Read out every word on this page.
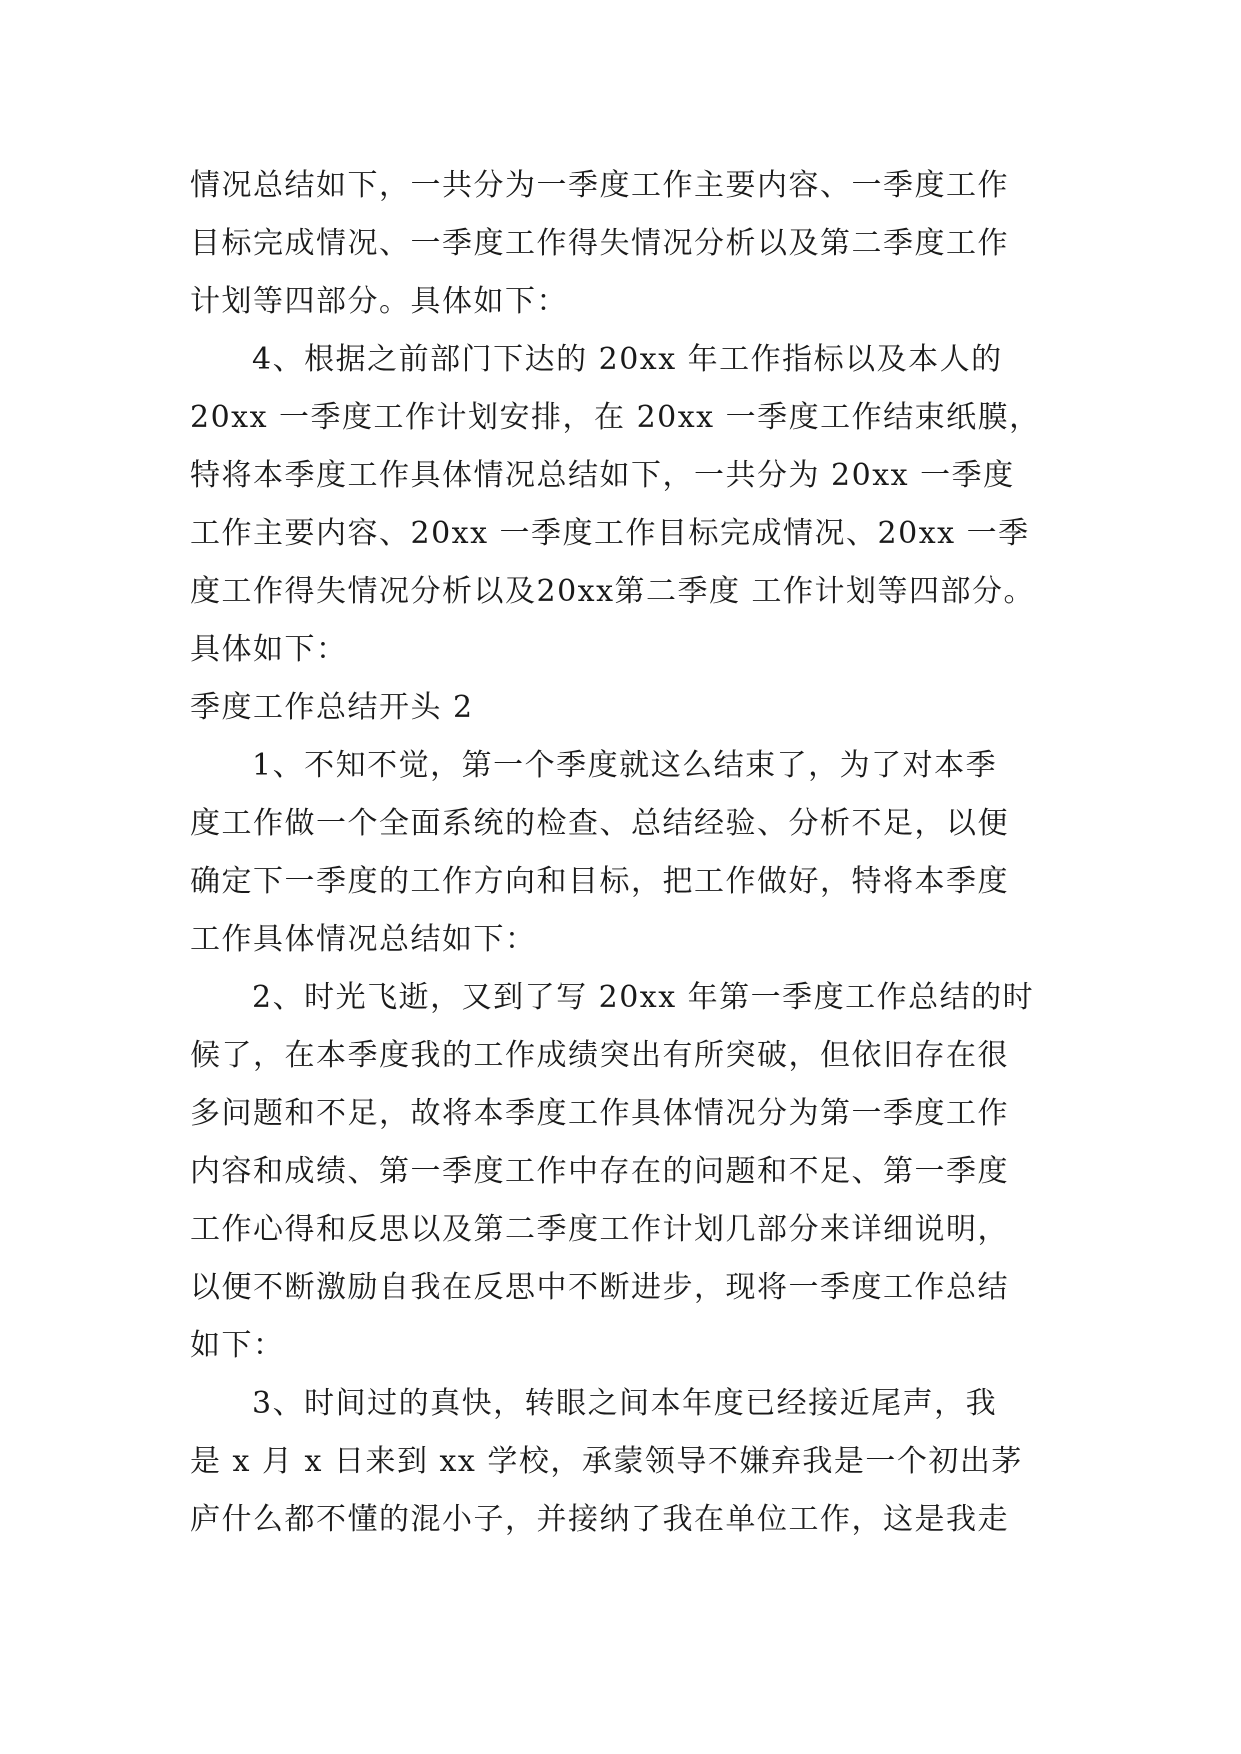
情况总结如下，一共分为一季度工作主要内容、一季度工作
目标完成情况、一季度工作得失情况分析以及第二季度工作
计划等四部分。具体如下：
4、根据之前部门下达的 20xx 年工作指标以及本人的
20xx 一季度工作计划安排，在 20xx 一季度工作结束纸膜，
特将本季度工作具体情况总结如下，一共分为 20xx 一季度
工作主要内容、20xx 一季度工作目标完成情况、20xx 一季
度工作得失情况分析以及20xx第二季度 工作计划等四部分。
具体如下：
季度工作总结开头 2
1、不知不觉，第一个季度就这么结束了，为了对本季
度工作做一个全面系统的检查、总结经验、分析不足，以便
确定下一季度的工作方向和目标，把工作做好，特将本季度
工作具体情况总结如下：
2、时光飞逝，又到了写 20xx 年第一季度工作总结的时
候了，在本季度我的工作成绩突出有所突破，但依旧存在很
多问题和不足，故将本季度工作具体情况分为第一季度工作
内容和成绩、第一季度工作中存在的问题和不足、第一季度
工作心得和反思以及第二季度工作计划几部分来详细说明，
以便不断激励自我在反思中不断进步，现将一季度工作总结
如下：
3、时间过的真快，转眼之间本年度已经接近尾声，我
是 x 月 x 日来到 xx 学校，承蒙领导不嫌弃我是一个初出茅
庐什么都不懂的混小子，并接纳了我在单位工作，这是我走
